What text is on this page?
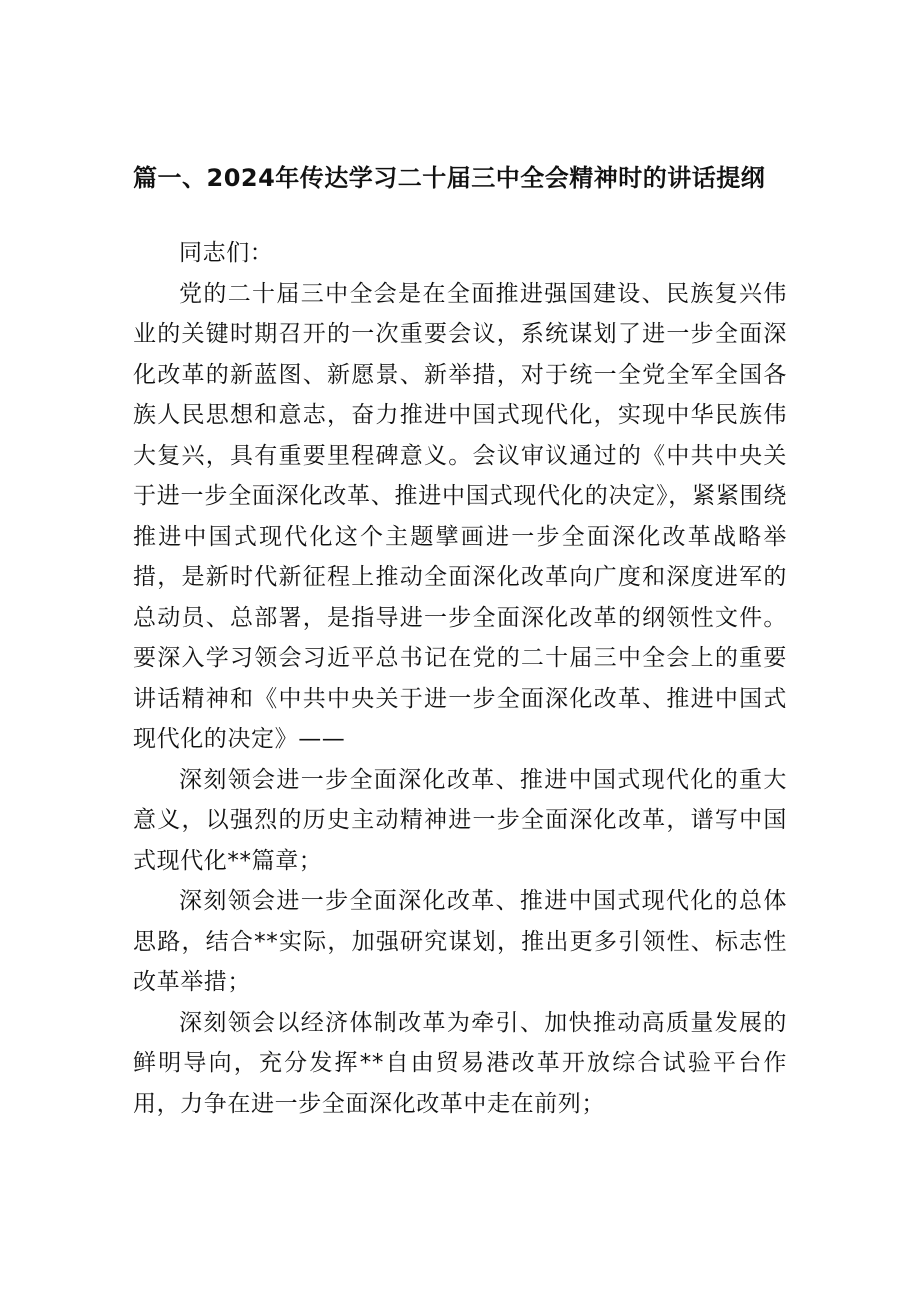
篇一、2024年传达学习二十届三中全会精神时的讲话提纲

同志们：

党的二十届三中全会是在全面推进强国建设、民族复兴伟业的关键时期召开的一次重要会议，系统谋划了进一步全面深化改革的新蓝图、新愿景、新举措，对于统一全党全军全国各族人民思想和意志，奋力推进中国式现代化，实现中华民族伟大复兴，具有重要里程碑意义。会议审议通过的《中共中央关于进一步全面深化改革、推进中国式现代化的决定》，紧紧围绕推进中国式现代化这个主题擘画进一步全面深化改革战略举措，是新时代新征程上推动全面深化改革向广度和深度进军的总动员、总部署，是指导进一步全面深化改革的纲领性文件。要深入学习领会习近平总书记在党的二十届三中全会上的重要讲话精神和《中共中央关于进一步全面深化改革、推进中国式现代化的决定》——

深刻领会进一步全面深化改革、推进中国式现代化的重大意义，以强烈的历史主动精神进一步全面深化改革，谱写中国式现代化**篇章；

深刻领会进一步全面深化改革、推进中国式现代化的总体思路，结合**实际，加强研究谋划，推出更多引领性、标志性改革举措；

深刻领会以经济体制改革为牵引、加快推动高质量发展的鲜明导向，充分发挥**自由贸易港改革开放综合试验平台作用，力争在进一步全面深化改革中走在前列；
